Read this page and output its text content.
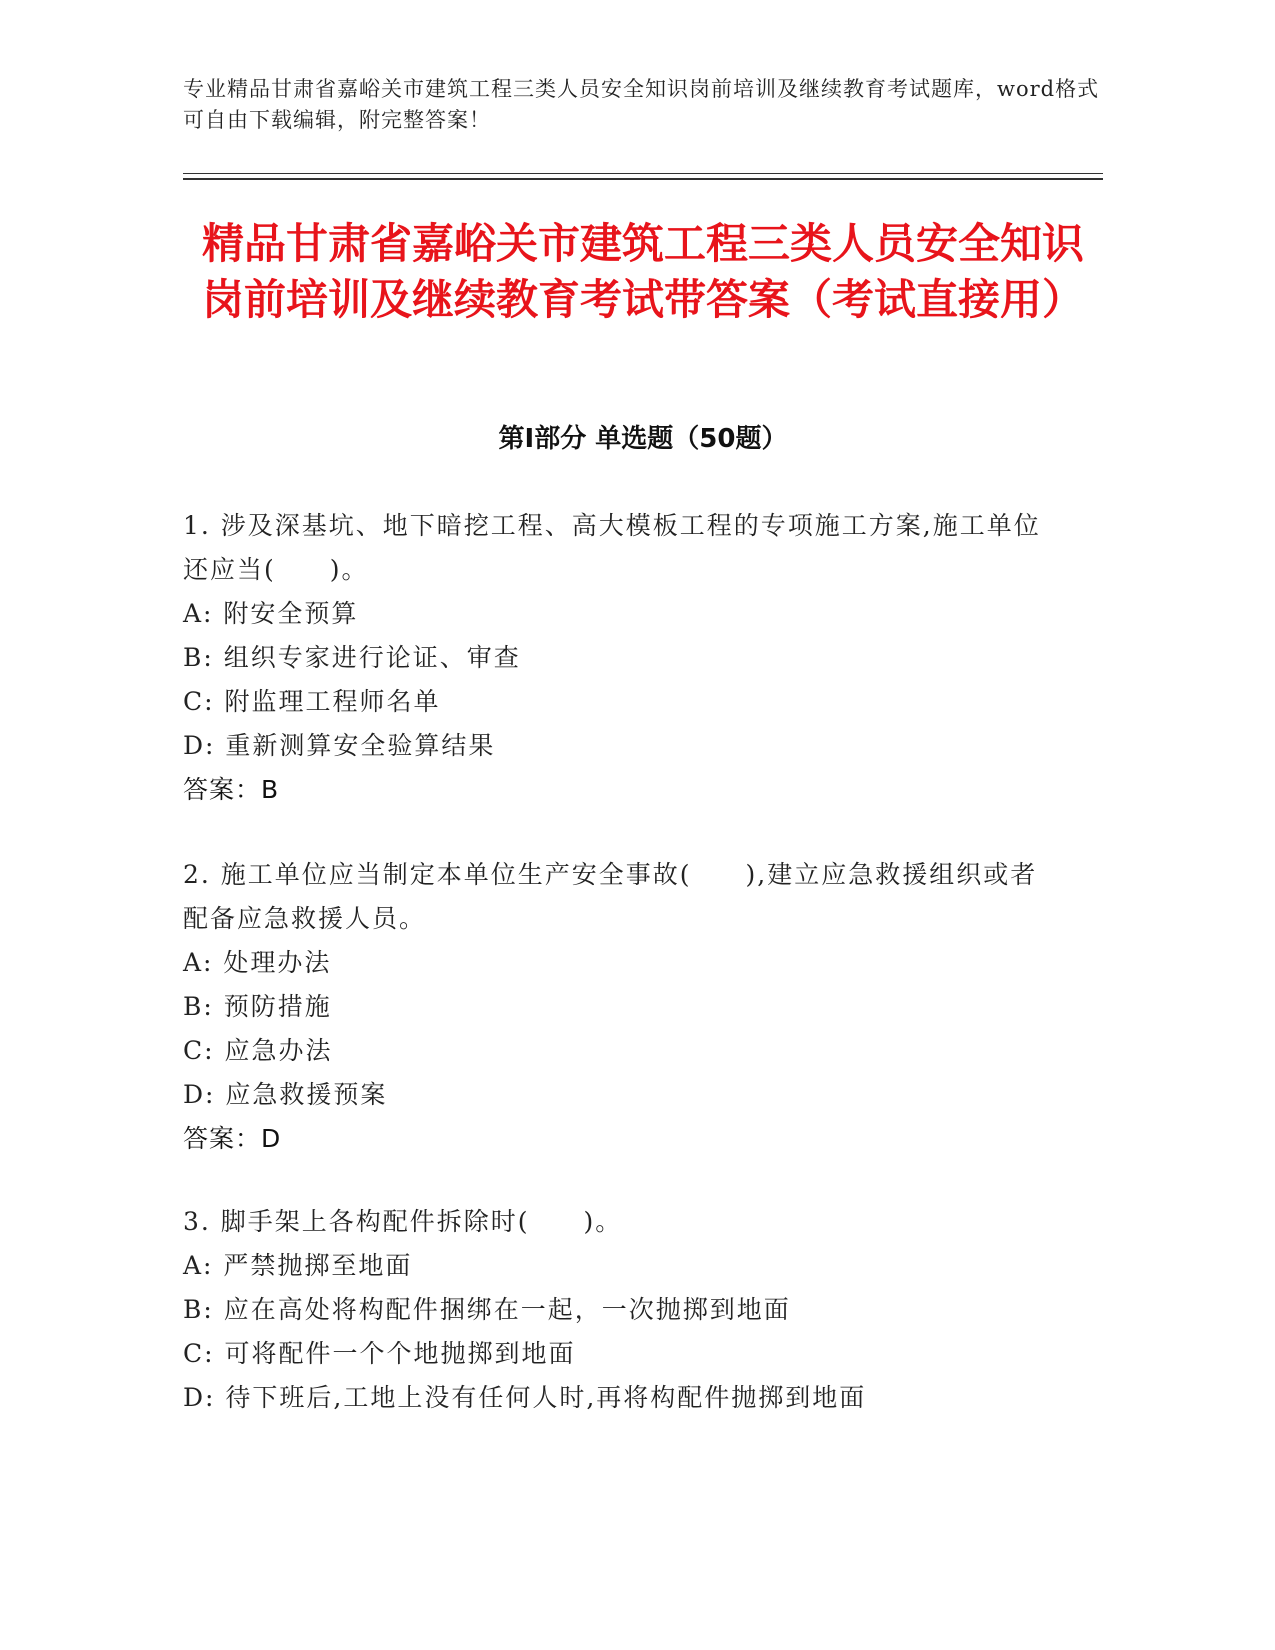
专业精品甘肃省嘉峪关市建筑工程三类人员安全知识岗前培训及继续教育考试题库，word格式可自由下载编辑，附完整答案！
精品甘肃省嘉峪关市建筑工程三类人员安全知识岗前培训及继续教育考试带答案（考试直接用）
第Ⅰ部分 单选题（50题）

1. 涉及深基坑、地下暗挖工程、高大模板工程的专项施工方案,施工单位还应当(　　)。

A: 附安全预算

B: 组织专家进行论证、审查

C: 附监理工程师名单

D: 重新测算安全验算结果

答案：B

2. 施工单位应当制定本单位生产安全事故(　　),建立应急救援组织或者配备应急救援人员。

A: 处理办法

B: 预防措施

C: 应急办法

D: 应急救援预案

答案：D

3. 脚手架上各构配件拆除时(　　)。

A: 严禁抛掷至地面

B: 应在高处将构配件捆绑在一起，一次抛掷到地面

C: 可将配件一个个地抛掷到地面

D: 待下班后,工地上没有任何人时,再将构配件抛掷到地面
